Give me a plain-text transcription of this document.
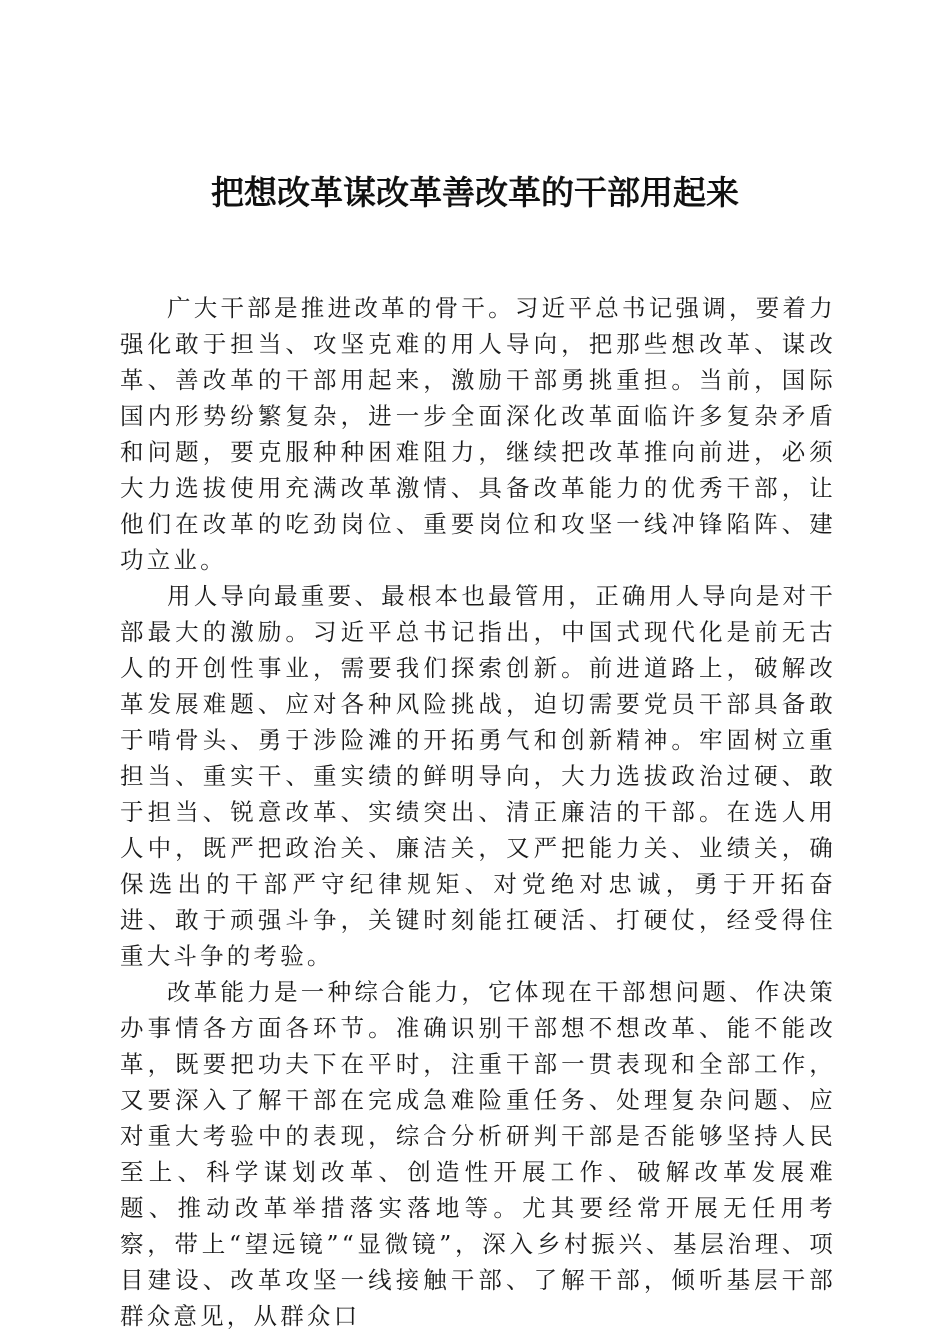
把想改革谋改革善改革的干部用起来

广大干部是推进改革的骨干。习近平总书记强调，要着力强化敢于担当、攻坚克难的用人导向，把那些想改革、谋改革、善改革的干部用起来，激励干部勇挑重担。当前，国际国内形势纷繁复杂，进一步全面深化改革面临许多复杂矛盾和问题，要克服种种困难阻力，继续把改革推向前进，必须大力选拔使用充满改革激情、具备改革能力的优秀干部，让他们在改革的吃劲岗位、重要岗位和攻坚一线冲锋陷阵、建功立业。

用人导向最重要、最根本也最管用，正确用人导向是对干部最大的激励。习近平总书记指出，中国式现代化是前无古人的开创性事业，需要我们探索创新。前进道路上，破解改革发展难题、应对各种风险挑战，迫切需要党员干部具备敢于啃骨头、勇于涉险滩的开拓勇气和创新精神。牢固树立重担当、重实干、重实绩的鲜明导向，大力选拔政治过硬、敢于担当、锐意改革、实绩突出、清正廉洁的干部。在选人用人中，既严把政治关、廉洁关，又严把能力关、业绩关，确保选出的干部严守纪律规矩、对党绝对忠诚，勇于开拓奋进、敢于顽强斗争，关键时刻能扛硬活、打硬仗，经受得住重大斗争的考验。

改革能力是一种综合能力，它体现在干部想问题、作决策办事情各方面各环节。准确识别干部想不想改革、能不能改革，既要把功夫下在平时，注重干部一贯表现和全部工作，又要深入了解干部在完成急难险重任务、处理复杂问题、应对重大考验中的表现，综合分析研判干部是否能够坚持人民至上、科学谋划改革、创造性开展工作、破解改革发展难题、推动改革举措落实落地等。尤其要经常开展无任用考察，带上“望远镜”“显微镜”，深入乡村振兴、基层治理、项目建设、改革攻坚一线接触干部、了解干部，倾听基层干部群众意见，从群众口
